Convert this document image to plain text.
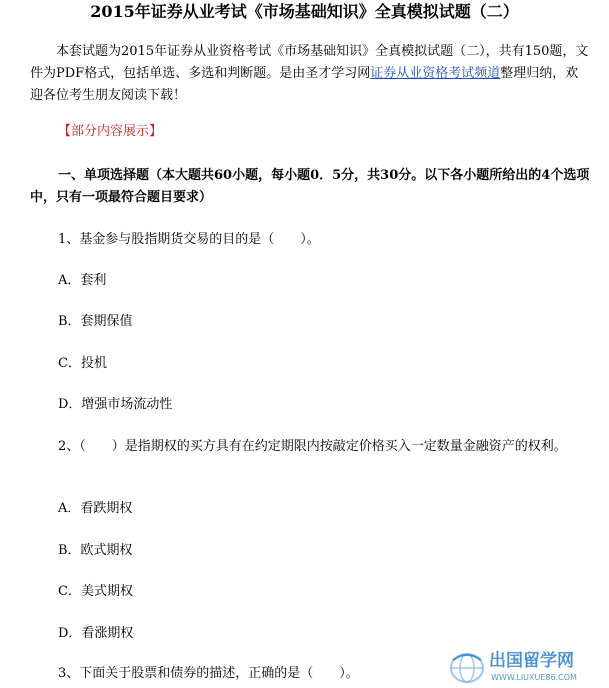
2015年证券从业考试《市场基础知识》全真模拟试题（二）
本套试题为2015年证券从业资格考试《市场基础知识》全真模拟试题（二），共有150题，文件为PDF格式，包括单选、多选和判断题。是由圣才学习网证券从业资格考试频道整理归纳，欢迎各位考生朋友阅读下载！
【部分内容展示】
一、单项选择题（本大题共60小题，每小题0．5分，共30分。以下各小题所给出的4个选项中，只有一项最符合题目要求）
1、基金参与股指期货交易的目的是（　　）。
A．套利
B．套期保值
C．投机
D．增强市场流动性
2、（　　）是指期权的买方具有在约定期限内按敲定价格买入一定数量金融资产的权利。
A．看跌期权
B．欧式期权
C．美式期权
D．看涨期权
3、下面关于股票和债券的描述，正确的是（　　）。
出国留学网
WWW.LIUXUE86.COM
